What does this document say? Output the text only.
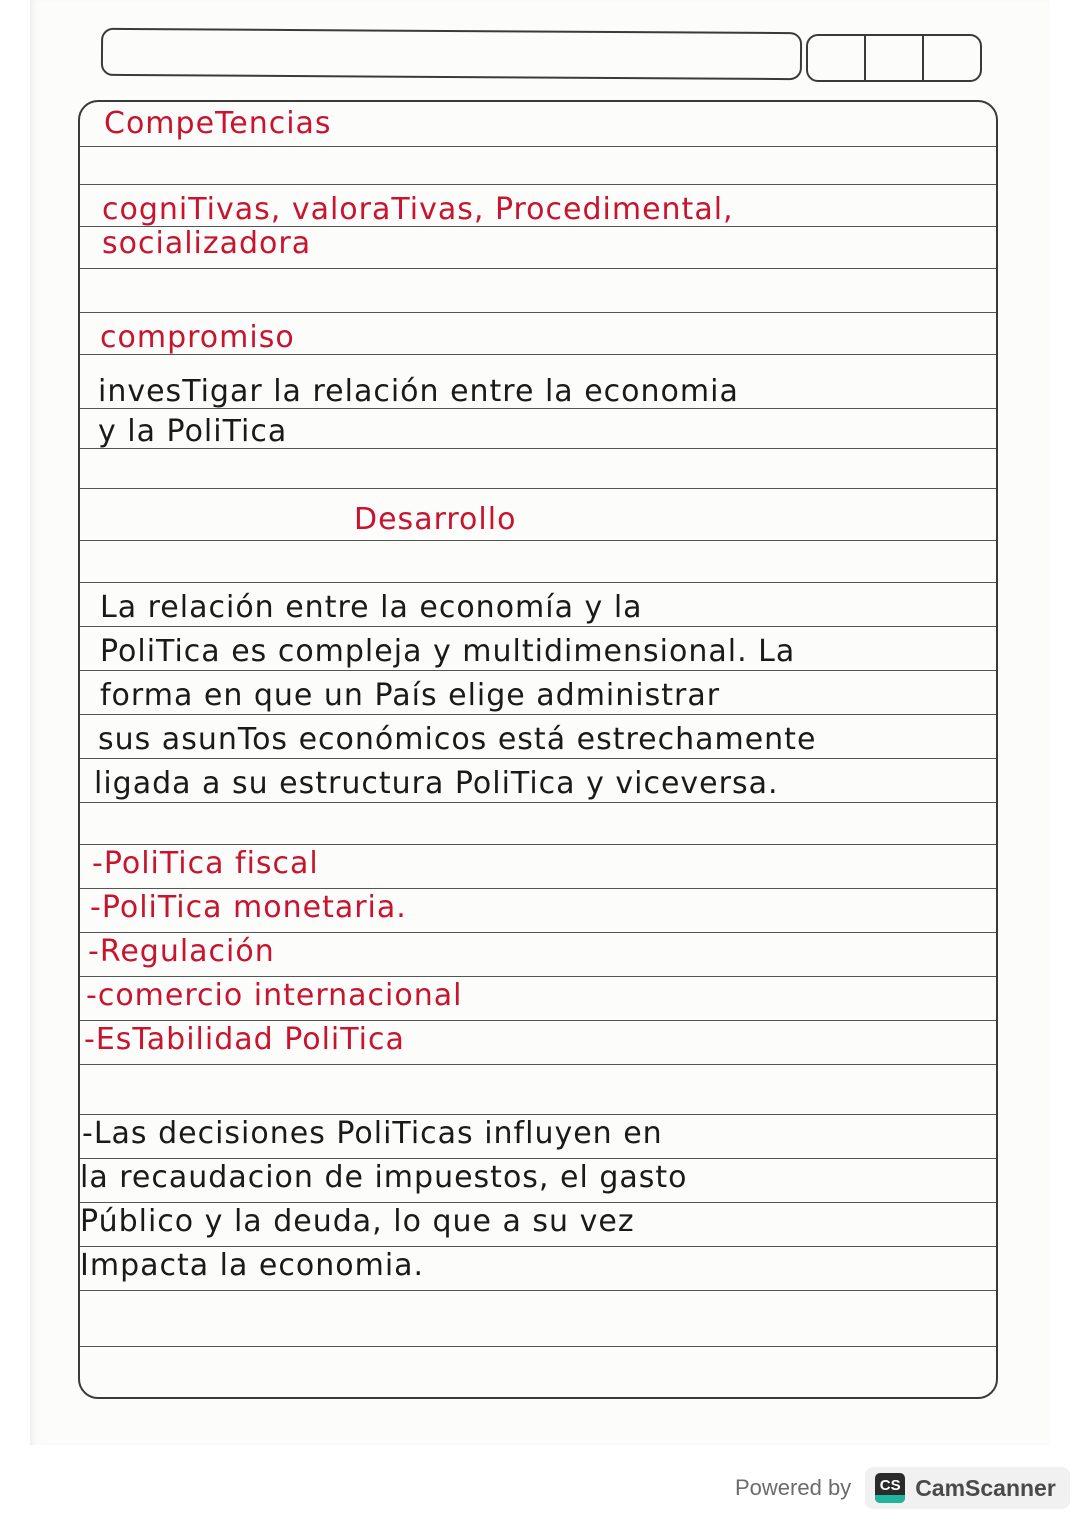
CompeTencias
cogniTivas, valoraTivas, Procedimental,
socializadora
compromiso
invesTigar la relación entre la economia
y la PoliTica
Desarrollo
La relación entre la economía y la
PoliTica es compleja y multidimensional. La
forma en que un País elige administrar
sus asunTos económicos está estrechamente
ligada a su estructura PoliTica y viceversa.
-PoliTica fiscal
-PoliTica monetaria.
-Regulación
-comercio internacional
-EsTabilidad PoliTica
-Las decisiones PoliTicas influyen en
la recaudacion de impuestos, el gasto
Público y la deuda, lo que a su vez
Impacta la economia.
Powered by CS CamScanner
